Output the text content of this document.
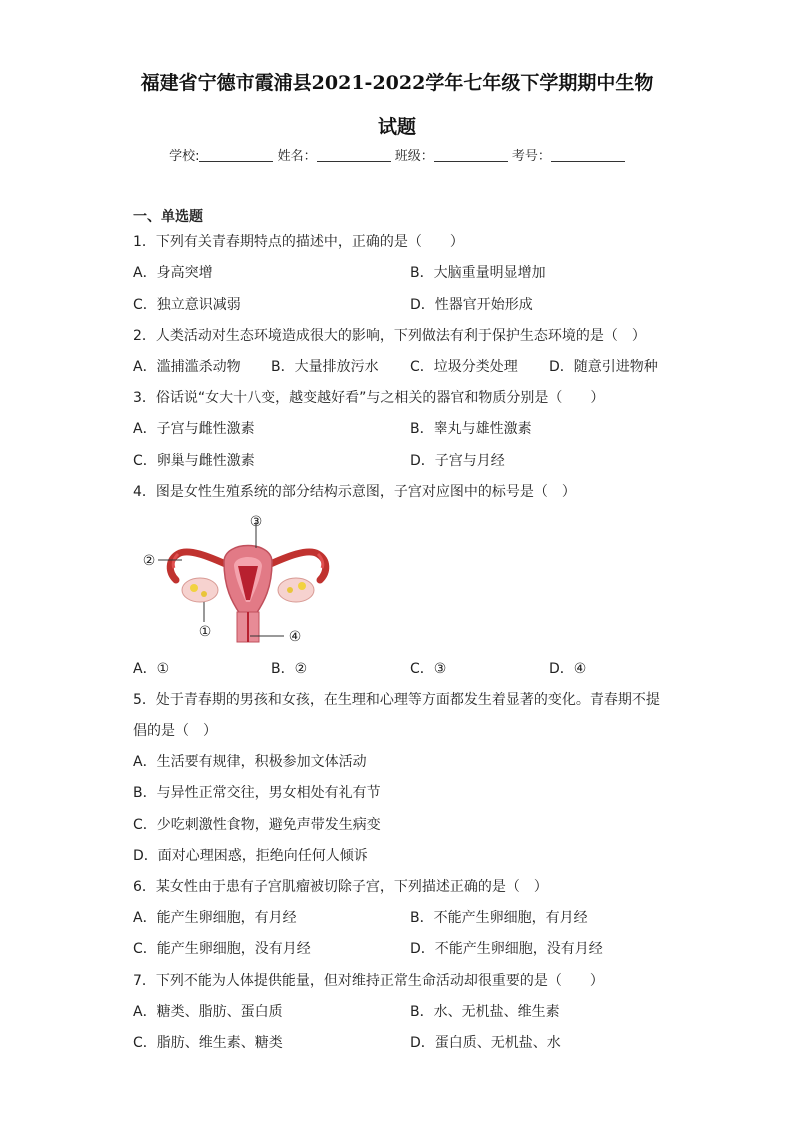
福建省宁德市霞浦县2021-2022学年七年级下学期期中生物
试题
学校:	姓名：	班级：	考号：
一、单选题
1．下列有关青春期特点的描述中，正确的是（　　）
A．身高突增	B．大脑重量明显增加
C．独立意识减弱	D．性器官开始形成
2．人类活动对生态环境造成很大的影响，下列做法有利于保护生态环境的是（　）
A．滥捕滥杀动物 B．大量排放污水 C．垃圾分类处理 D．随意引进物种
3．俗话说“女大十八变，越变越好看”与之相关的器官和物质分别是（　　）
A．子宫与雌性激素	B．睾丸与雄性激素
C．卵巢与雌性激素	D．子宫与月经
4．图是女性生殖系统的部分结构示意图，子宫对应图中的标号是（　）
③
②
①	④
A．①	B．②	C．③	D．④
5．处于青春期的男孩和女孩，在生理和心理等方面都发生着显著的变化。青春期不提
倡的是（　）
A．生活要有规律，积极参加文体活动
B．与异性正常交往，男女相处有礼有节
C．少吃刺激性食物，避免声带发生病变
D．面对心理困惑，拒绝向任何人倾诉
6．某女性由于患有子宫肌瘤被切除子宫，下列描述正确的是（　）
A．能产生卵细胞，有月经	B．不能产生卵细胞，有月经
C．能产生卵细胞，没有月经	D．不能产生卵细胞，没有月经
7．下列不能为人体提供能量，但对维持正常生命活动却很重要的是（　　）
A．糖类、脂肪、蛋白质	B．水、无机盐、维生素
C．脂肪、维生素、糖类	D．蛋白质、无机盐、水
